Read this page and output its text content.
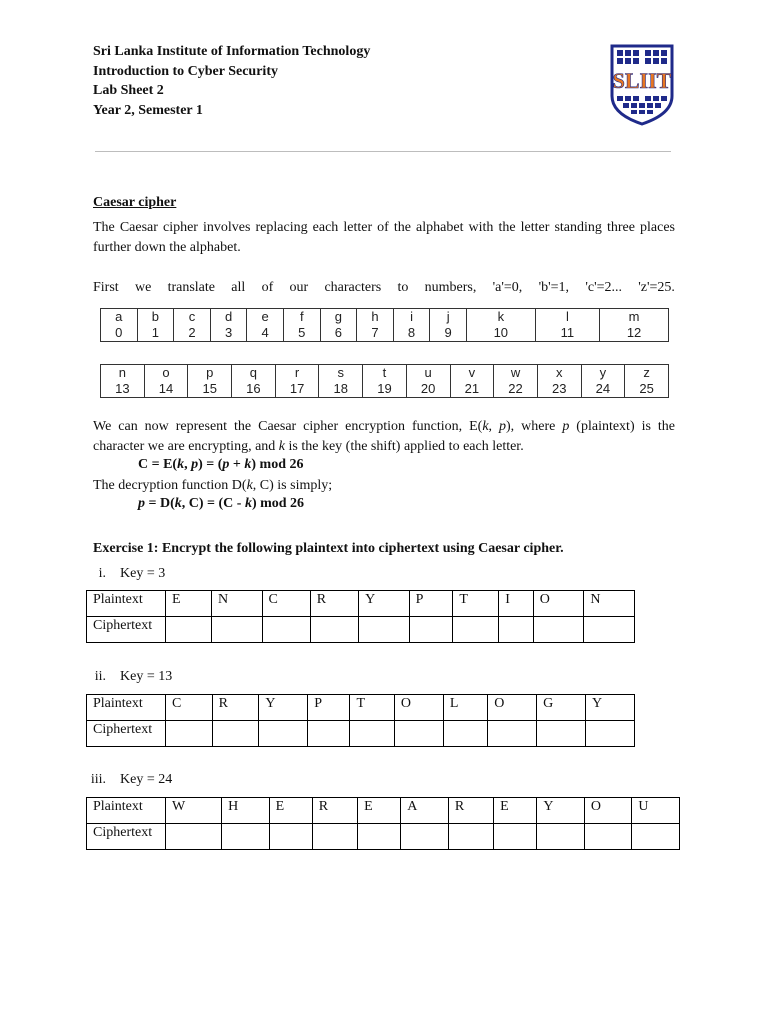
Sri Lanka Institute of Information Technology
Introduction to Cyber Security
Lab Sheet 2
Year 2, Semester 1
SLIIT
Caesar cipher
The Caesar cipher involves replacing each letter of the alphabet with the letter standing three places further down the alphabet.
First we translate all of our characters to numbers, 'a'=0, 'b'=1, 'c'=2... 'z'=25.
a	b	c	d	e	f	g	h	i	j	k	l	m
0	1	2	3	4	5	6	7	8	9	10	11	12
n	o	p	q	r	s	t	u	v	w	x	y	z
13	14	15	16	17	18	19	20	21	22	23	24	25
We can now represent the Caesar cipher encryption function, E(k, p), where p (plaintext) is the character we are encrypting, and k is the key (the shift) applied to each letter.
C = E(k, p) = (p + k) mod 26
The decryption function D(k, C) is simply;
p = D(k, C) = (C - k) mod 26
Exercise 1: Encrypt the following plaintext into ciphertext using Caesar cipher.
i. Key = 3
Plaintext	E	N	C	R	Y	P	T	I	O	N
Ciphertext										
ii. Key = 13
Plaintext	C	R	Y	P	T	O	L	O	G	Y
Ciphertext										
iii. Key = 24
Plaintext	W	H	E	R	E	A	R	E	Y	O	U
Ciphertext											
